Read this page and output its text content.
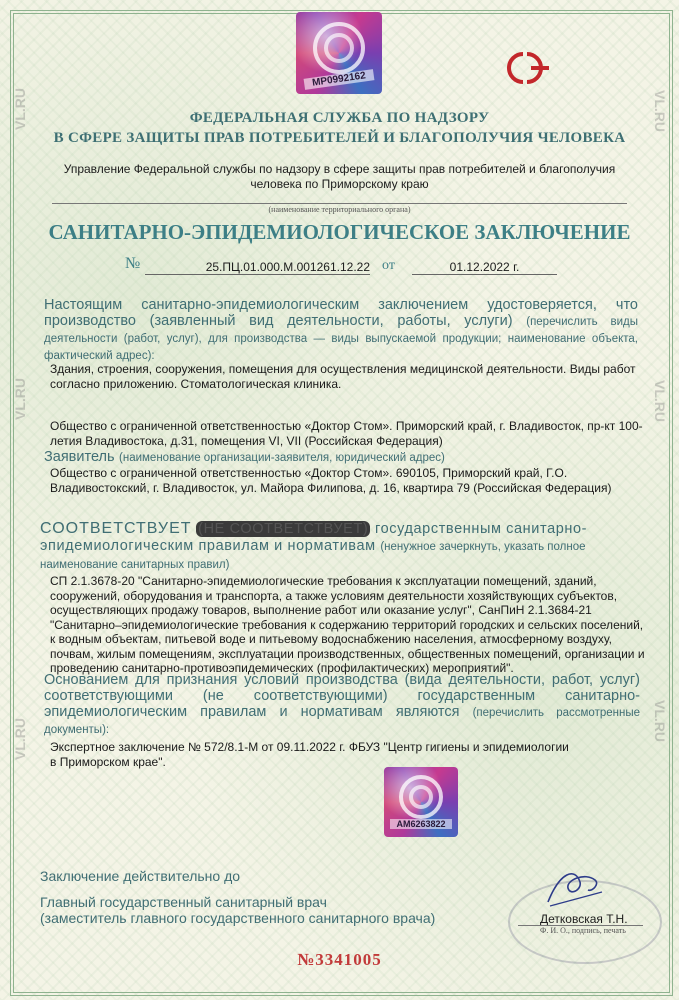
VL.RU
VL.RU
VL.RU
VL.RU
VL.RU
VL.RU
МР0992162
ФЕДЕРАЛЬНАЯ СЛУЖБА ПО НАДЗОРУ
В СФЕРЕ ЗАЩИТЫ ПРАВ ПОТРЕБИТЕЛЕЙ И БЛАГОПОЛУЧИЯ ЧЕЛОВЕКА
Управление Федеральной службы по надзору в сфере защиты прав потребителей и благополучия
человека по Приморскому краю
(наименование территориального органа)
САНИТАРНО-ЭПИДЕМИОЛОГИЧЕСКОЕ ЗАКЛЮЧЕНИЕ
№	25.ПЦ.01.000.М.001261.12.22 от	01.12.2022 г.
Настоящим санитарно-эпидемиологическим заключением удостоверяется, что производство (заявленный вид деятельности, работы, услуги) (перечислить виды деятельности (работ, услуг), для производства — виды выпускаемой продукции; наименование объекта, фактический адрес):
Здания, строения, сооружения, помещения для осуществления медицинской деятельности. Виды работ согласно приложению. Стоматологическая клиника.
Общество с ограниченной ответственностью «Доктор Стом». Приморский край, г. Владивосток, пр-кт 100-летия Владивостока, д.31, помещения VI, VII (Российская Федерация)
Заявитель (наименование организации-заявителя, юридический адрес)
Общество с ограниченной ответственностью «Доктор Стом». 690105, Приморский край, Г.О. Владивостокский, г. Владивосток, ул. Майора Филипова, д. 16, квартира 79 (Российская Федерация)
СООТВЕТСТВУЕТ (НЕ СООТВЕТСТВУЕТ) государственным санитарно-эпидемиологическим правилам и нормативам (ненужное зачеркнуть, указать полное наименование санитарных правил)
СП 2.1.3678-20 "Санитарно-эпидемиологические требования к эксплуатации помещений, зданий, сооружений, оборудования и транспорта, а также условиям деятельности хозяйствующих субъектов, осуществляющих продажу товаров, выполнение работ или оказание услуг", СанПиН 2.1.3684-21 "Санитарно–эпидемиологические требования к содержанию территорий городских и сельских поселений, к водным объектам, питьевой воде и питьевому водоснабжению населения, атмосферному воздуху, почвам, жилым помещениям, эксплуатации производственных, общественных помещений, организации и проведению санитарно-противоэпидемических (профилактических) мероприятий".
Основанием для признания условий производства (вида деятельности, работ, услуг) соответствующими (не соответствующими) государственным санитарно-эпидемиологическим правилам и нормативам являются (перечислить рассмотренные документы):
Экспертное заключение № 572/8.1-М от 09.11.2022 г. ФБУЗ "Центр гигиены и эпидемиологии в Приморском крае".
АМ6263822
Заключение действительно до
Главный государственный санитарный врач
(заместитель главного государственного санитарного врача)	Детковская Т.Н.
Ф. И. О., подпись, печать
№3341005
